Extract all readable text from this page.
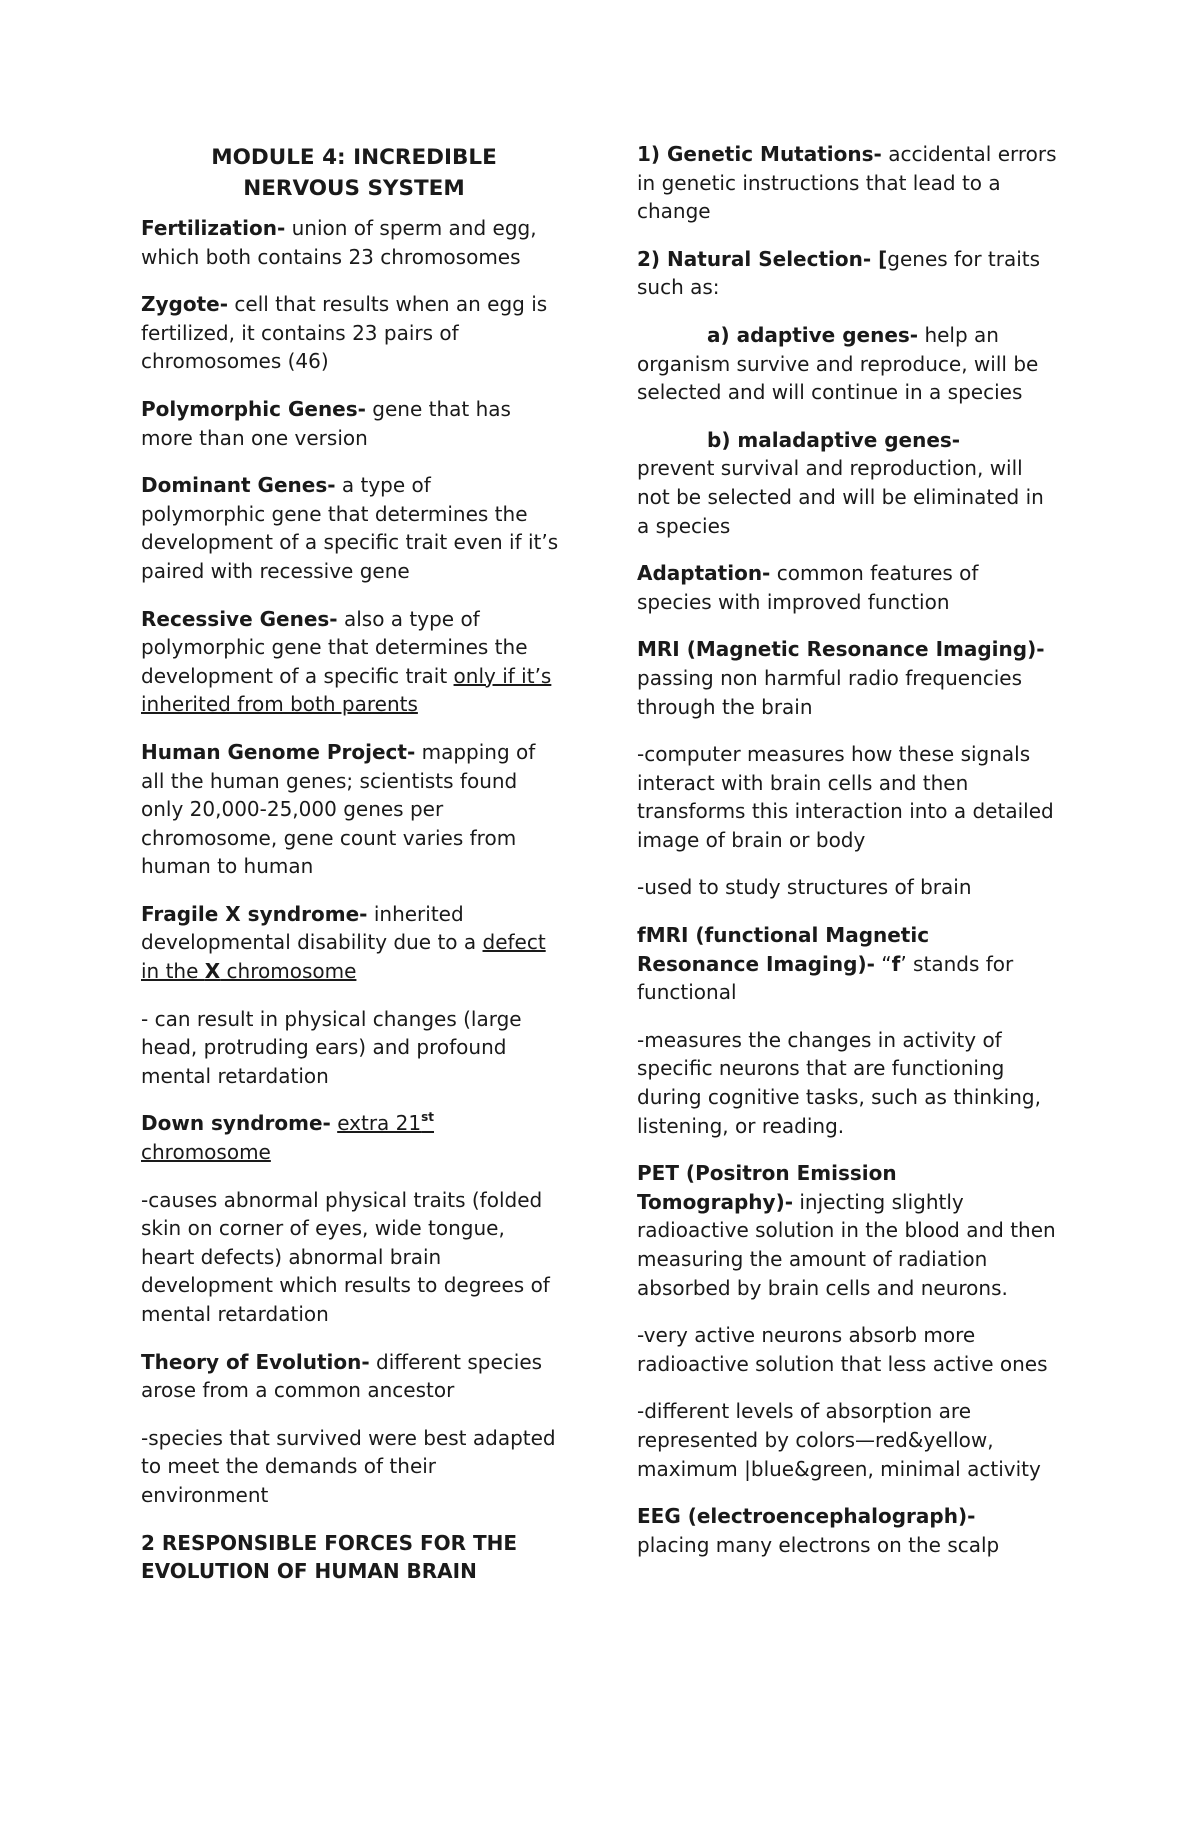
MODULE 4: INCREDIBLE
NERVOUS SYSTEM

Fertilization- union of sperm and egg, which both contains 23 chromosomes

Zygote- cell that results when an egg is fertilized, it contains 23 pairs of chromosomes (46)

Polymorphic Genes- gene that has more than one version

Dominant Genes- a type of polymorphic gene that determines the development of a specific trait even if it’s paired with recessive gene

Recessive Genes- also a type of polymorphic gene that determines the development of a specific trait only if it’s inherited from both parents

Human Genome Project- mapping of all the human genes; scientists found only 20,000-25,000 genes per chromosome, gene count varies from human to human

Fragile X syndrome- inherited developmental disability due to a defect in the X chromosome

- can result in physical changes (large head, protruding ears) and profound mental retardation

Down syndrome- extra 21st
chromosome

-causes abnormal physical traits (folded skin on corner of eyes, wide tongue, heart defects) abnormal brain development which results to degrees of mental retardation

Theory of Evolution- different species arose from a common ancestor

-species that survived were best adapted to meet the demands of their environment

2 RESPONSIBLE FORCES FOR THE EVOLUTION OF HUMAN BRAIN

1) Genetic Mutations- accidental errors in genetic instructions that lead to a change

2) Natural Selection- [genes for traits such as:

a) adaptive genes- help an organism survive and reproduce, will be selected and will continue in a species

b) maladaptive genes-
prevent survival and reproduction, will not be selected and will be eliminated in a species

Adaptation- common features of species with improved function

MRI (Magnetic Resonance Imaging)- passing non harmful radio frequencies through the brain

-computer measures how these signals interact with brain cells and then transforms this interaction into a detailed image of brain or body

-used to study structures of brain

fMRI (functional Magnetic Resonance Imaging)- “f’ stands for functional

-measures the changes in activity of specific neurons that are functioning during cognitive tasks, such as thinking, listening, or reading.

PET (Positron Emission Tomography)- injecting slightly radioactive solution in the blood and then measuring the amount of radiation absorbed by brain cells and neurons.

-very active neurons absorb more radioactive solution that less active ones

-different levels of absorption are represented by colors—red&yellow, maximum |blue&green, minimal activity

EEG (electroencephalograph)-
placing many electrons on the scalp
